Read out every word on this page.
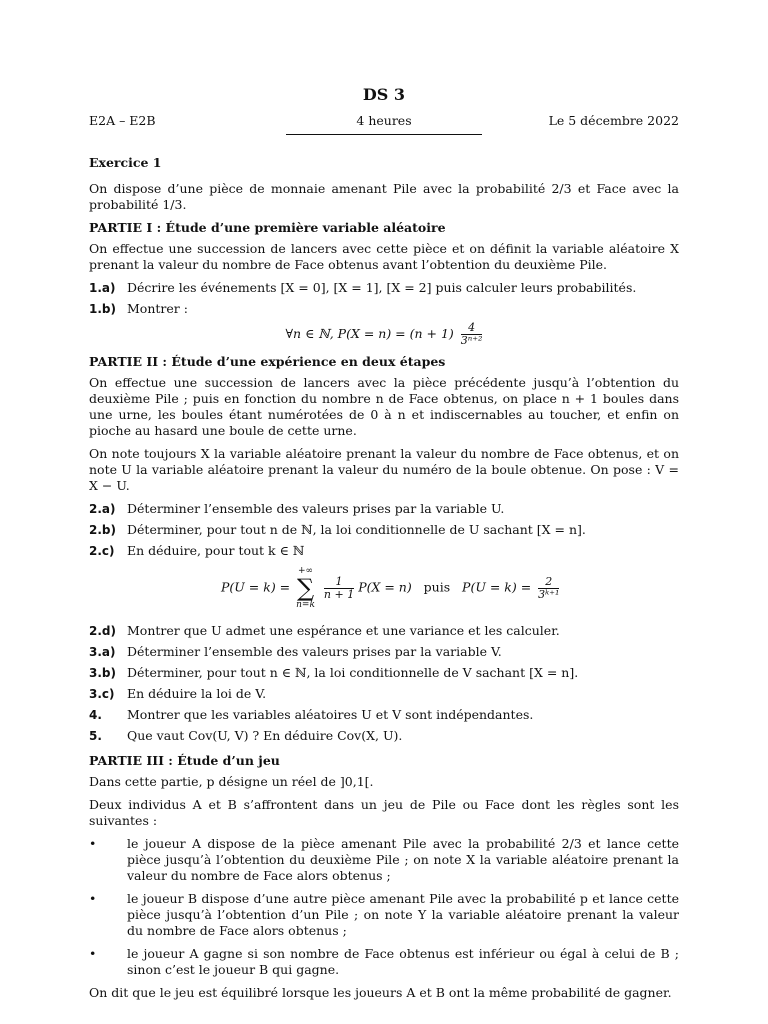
DS 3
E2A – E2B	4 heures	Le 5 décembre 2022
Exercice 1

On dispose d’une pièce de monnaie amenant Pile avec la probabilité 2/3 et Face avec la probabilité 1/3.

PARTIE I : Étude d’une première variable aléatoire

On effectue une succession de lancers avec cette pièce et on définit la variable aléatoire X prenant la valeur du nombre de Face obtenus avant l’obtention du deuxième Pile.

1.a) Décrire les événements [X = 0], [X = 1], [X = 2] puis calculer leurs probabilités.
1.b) Montrer :
∀n ∈ ℕ, $P(X = n) = (n + 1) \frac{4}{\text{3ⁿ⁺²}}$
PARTIE II : Étude d’une expérience en deux étapes

On effectue une succession de lancers avec la pièce précédente jusqu’à l’obtention du deuxième Pile ; puis en fonction du nombre n de Face obtenus, on place n + 1 boules dans une urne, les boules étant numérotées de 0 à n et indiscernables au toucher, et enfin on pioche au hasard une boule de cette urne.

On note toujours X la variable aléatoire prenant la valeur du nombre de Face obtenus, et on note U la variable aléatoire prenant la valeur du numéro de la boule obtenue. On pose : V = X − U.

2.a) Déterminer l’ensemble des valeurs prises par la variable U.
2.b) Déterminer, pour tout n de ℕ, la loi conditionnelle de U sachant [X = n].
2.c) En déduire, pour tout k ∈ ℕ
P(U = k) =
+∞
∑
n=k

$\frac{1}{n + 1} P(X = n)$ puis $P(U = k) = \frac{2}{\text{3ᵏ⁺¹}}$
2.d) Montrer que U admet une espérance et une variance et les calculer.
3.a) Déterminer l’ensemble des valeurs prises par la variable V.
3.b) Déterminer, pour tout n ∈ ℕ, la loi conditionnelle de V sachant [X = n].
3.c) En déduire la loi de V.
4.	Montrer que les variables aléatoires U et V sont indépendantes.
5.	Que vaut Cov(U, V) ? En déduire Cov(X, U).
PARTIE III : Étude d’un jeu

Dans cette partie, p désigne un réel de ]0,1[.

Deux individus A et B s’affrontent dans un jeu de Pile ou Face dont les règles sont les suivantes :

•	le joueur A dispose de la pièce amenant Pile avec la probabilité 2/3 et lance cette pièce jusqu’à l’obtention du deuxième Pile ; on note X la variable aléatoire prenant la valeur du nombre de Face alors obtenus ;
•	le joueur B dispose d’une autre pièce amenant Pile avec la probabilité p et lance cette pièce jusqu’à l’obtention d’un Pile ; on note Y la variable aléatoire prenant la valeur du nombre de Face alors obtenus ;
•	le joueur A gagne si son nombre de Face obtenus est inférieur ou égal à celui de B ; sinon c’est le joueur B qui gagne.

On dit que le jeu est équilibré lorsque les joueurs A et B ont la même probabilité de gagner.
